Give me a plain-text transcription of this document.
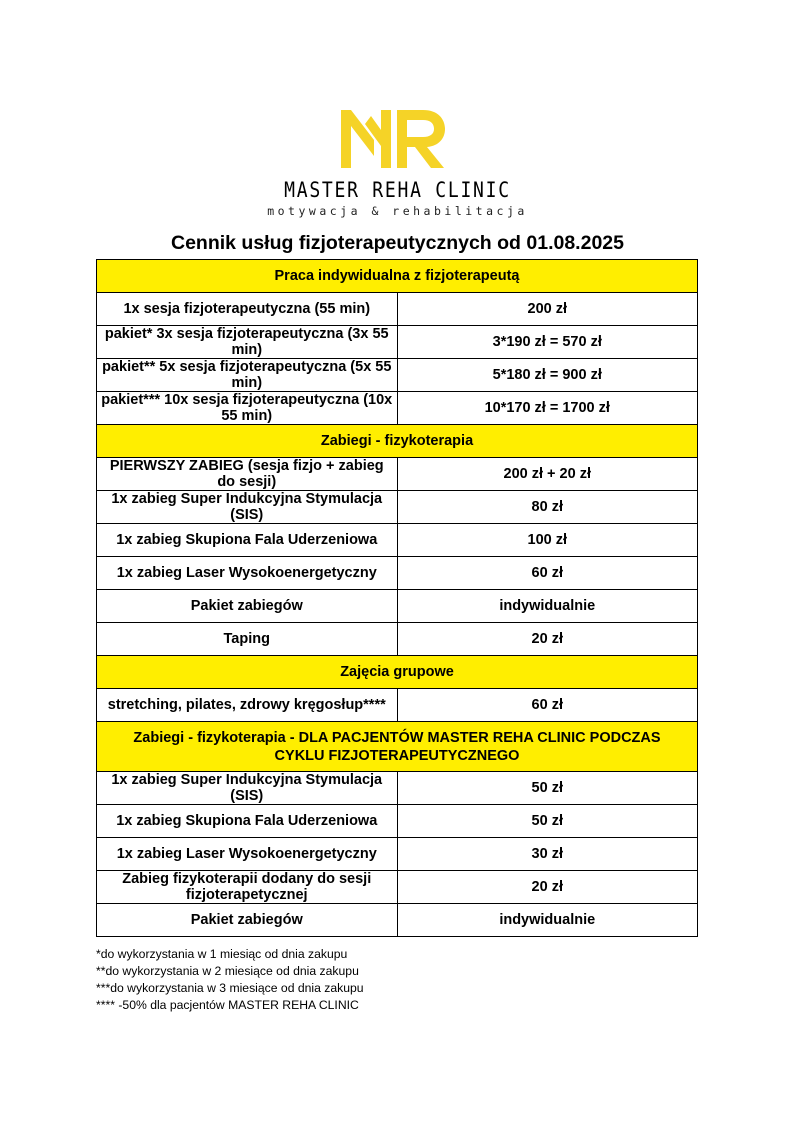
MASTER REHA CLINIC
motywacja & rehabilitacja
Cennik usług fizjoterapeutycznych od 01.08.2025
Praca indywidualna z fizjoterapeutą	
1x sesja fizjoterapeutyczna (55 min)	200 zł
pakiet* 3x sesja fizjoterapeutyczna (3x 55 min)	3*190 zł = 570 zł
pakiet** 5x sesja fizjoterapeutyczna (5x 55 min)	5*180 zł = 900 zł
pakiet*** 10x sesja fizjoterapeutyczna (10x 55 min)	10*170 zł = 1700 zł
Zabiegi - fizykoterapia	
PIERWSZY ZABIEG (sesja fizjo + zabieg do sesji)	200 zł + 20 zł
1x zabieg Super Indukcyjna Stymulacja (SIS)	80 zł
1x zabieg Skupiona Fala Uderzeniowa	100 zł
1x zabieg Laser Wysokoenergetyczny	60 zł
Pakiet zabiegów	indywidualnie
Taping	20 zł
Zajęcia grupowe	
stretching, pilates, zdrowy kręgosłup****	60 zł
Zabiegi - fizykoterapia - DLA PACJENTÓW MASTER REHA CLINIC PODCZAS
CYKLU FIZJOTERAPEUTYCZNEGO	
1x zabieg Super Indukcyjna Stymulacja (SIS)	50 zł
1x zabieg Skupiona Fala Uderzeniowa	50 zł
1x zabieg Laser Wysokoenergetyczny	30 zł
Zabieg fizykoterapii dodany do sesji fizjoterapetycznej	20 zł
Pakiet zabiegów	indywidualnie
*do wykorzystania w 1 miesiąc od dnia zakupu
**do wykorzystania w 2 miesiące od dnia zakupu
***do wykorzystania w 3 miesiące od dnia zakupu
**** -50% dla pacjentów MASTER REHA CLINIC
